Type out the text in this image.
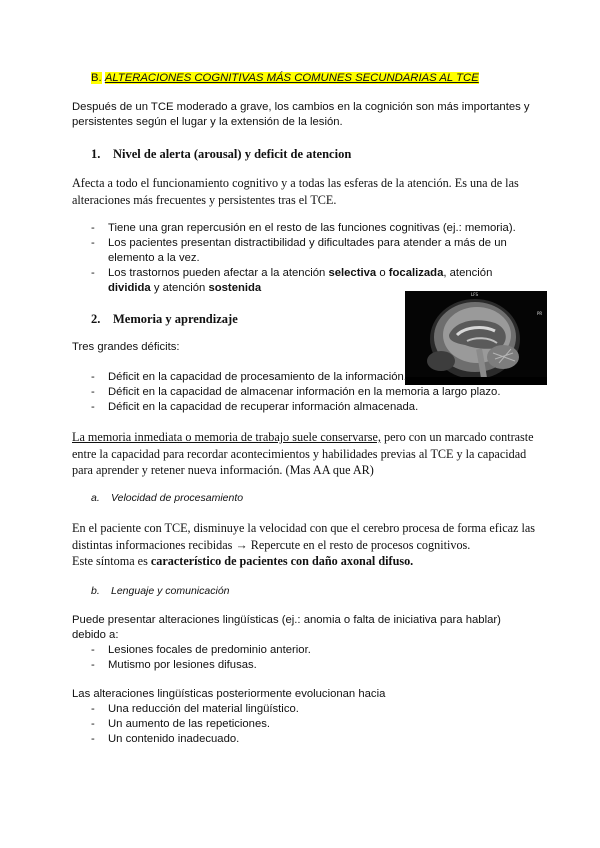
B. ALTERACIONES COGNITIVAS MÁS COMUNES SECUNDARIAS AL TCE
Después de un TCE moderado a grave, los cambios en la cognición son más importantes y persistentes según el lugar y la extensión de la lesión.
1. Nivel de alerta (arousal) y deficit de atencion
Afecta a todo el funcionamiento cognitivo y a todas las esferas de la atención. Es una de las alteraciones más frecuentes y persistentes tras el TCE.
- Tiene una gran repercusión en el resto de las funciones cognitivas (ej.: memoria).
- Los pacientes presentan distractibilidad y dificultades para atender a más de un elemento a la vez.
- Los trastornos pueden afectar a la atención selectiva o focalizada, atención
dividida y atención sostenida
LFS
PR
2. Memoria y aprendizaje
Tres grandes déficits:
- Déficit en la capacidad de procesamiento de la información.
- Déficit en la capacidad de almacenar información en la memoria a largo plazo.
- Déficit en la capacidad de recuperar información almacenada.
La memoria inmediata o memoria de trabajo suele conservarse, pero con un marcado contraste entre la capacidad para recordar acontecimientos y habilidades previas al TCE y la capacidad para aprender y retener nueva información. (Mas AA que AR)
a. Velocidad de procesamiento
En el paciente con TCE, disminuye la velocidad con que el cerebro procesa de forma eficaz las distintas informaciones recibidas → Repercute en el resto de procesos cognitivos.
Este síntoma es característico de pacientes con daño axonal difuso.
b. Lenguaje y comunicación
Puede presentar alteraciones lingüísticas (ej.: anomia o falta de iniciativa para hablar) debido a:
- Lesiones focales de predominio anterior.
- Mutismo por lesiones difusas.
Las alteraciones lingüísticas posteriormente evolucionan hacia
- Una reducción del material lingüístico.
- Un aumento de las repeticiones.
- Un contenido inadecuado.
